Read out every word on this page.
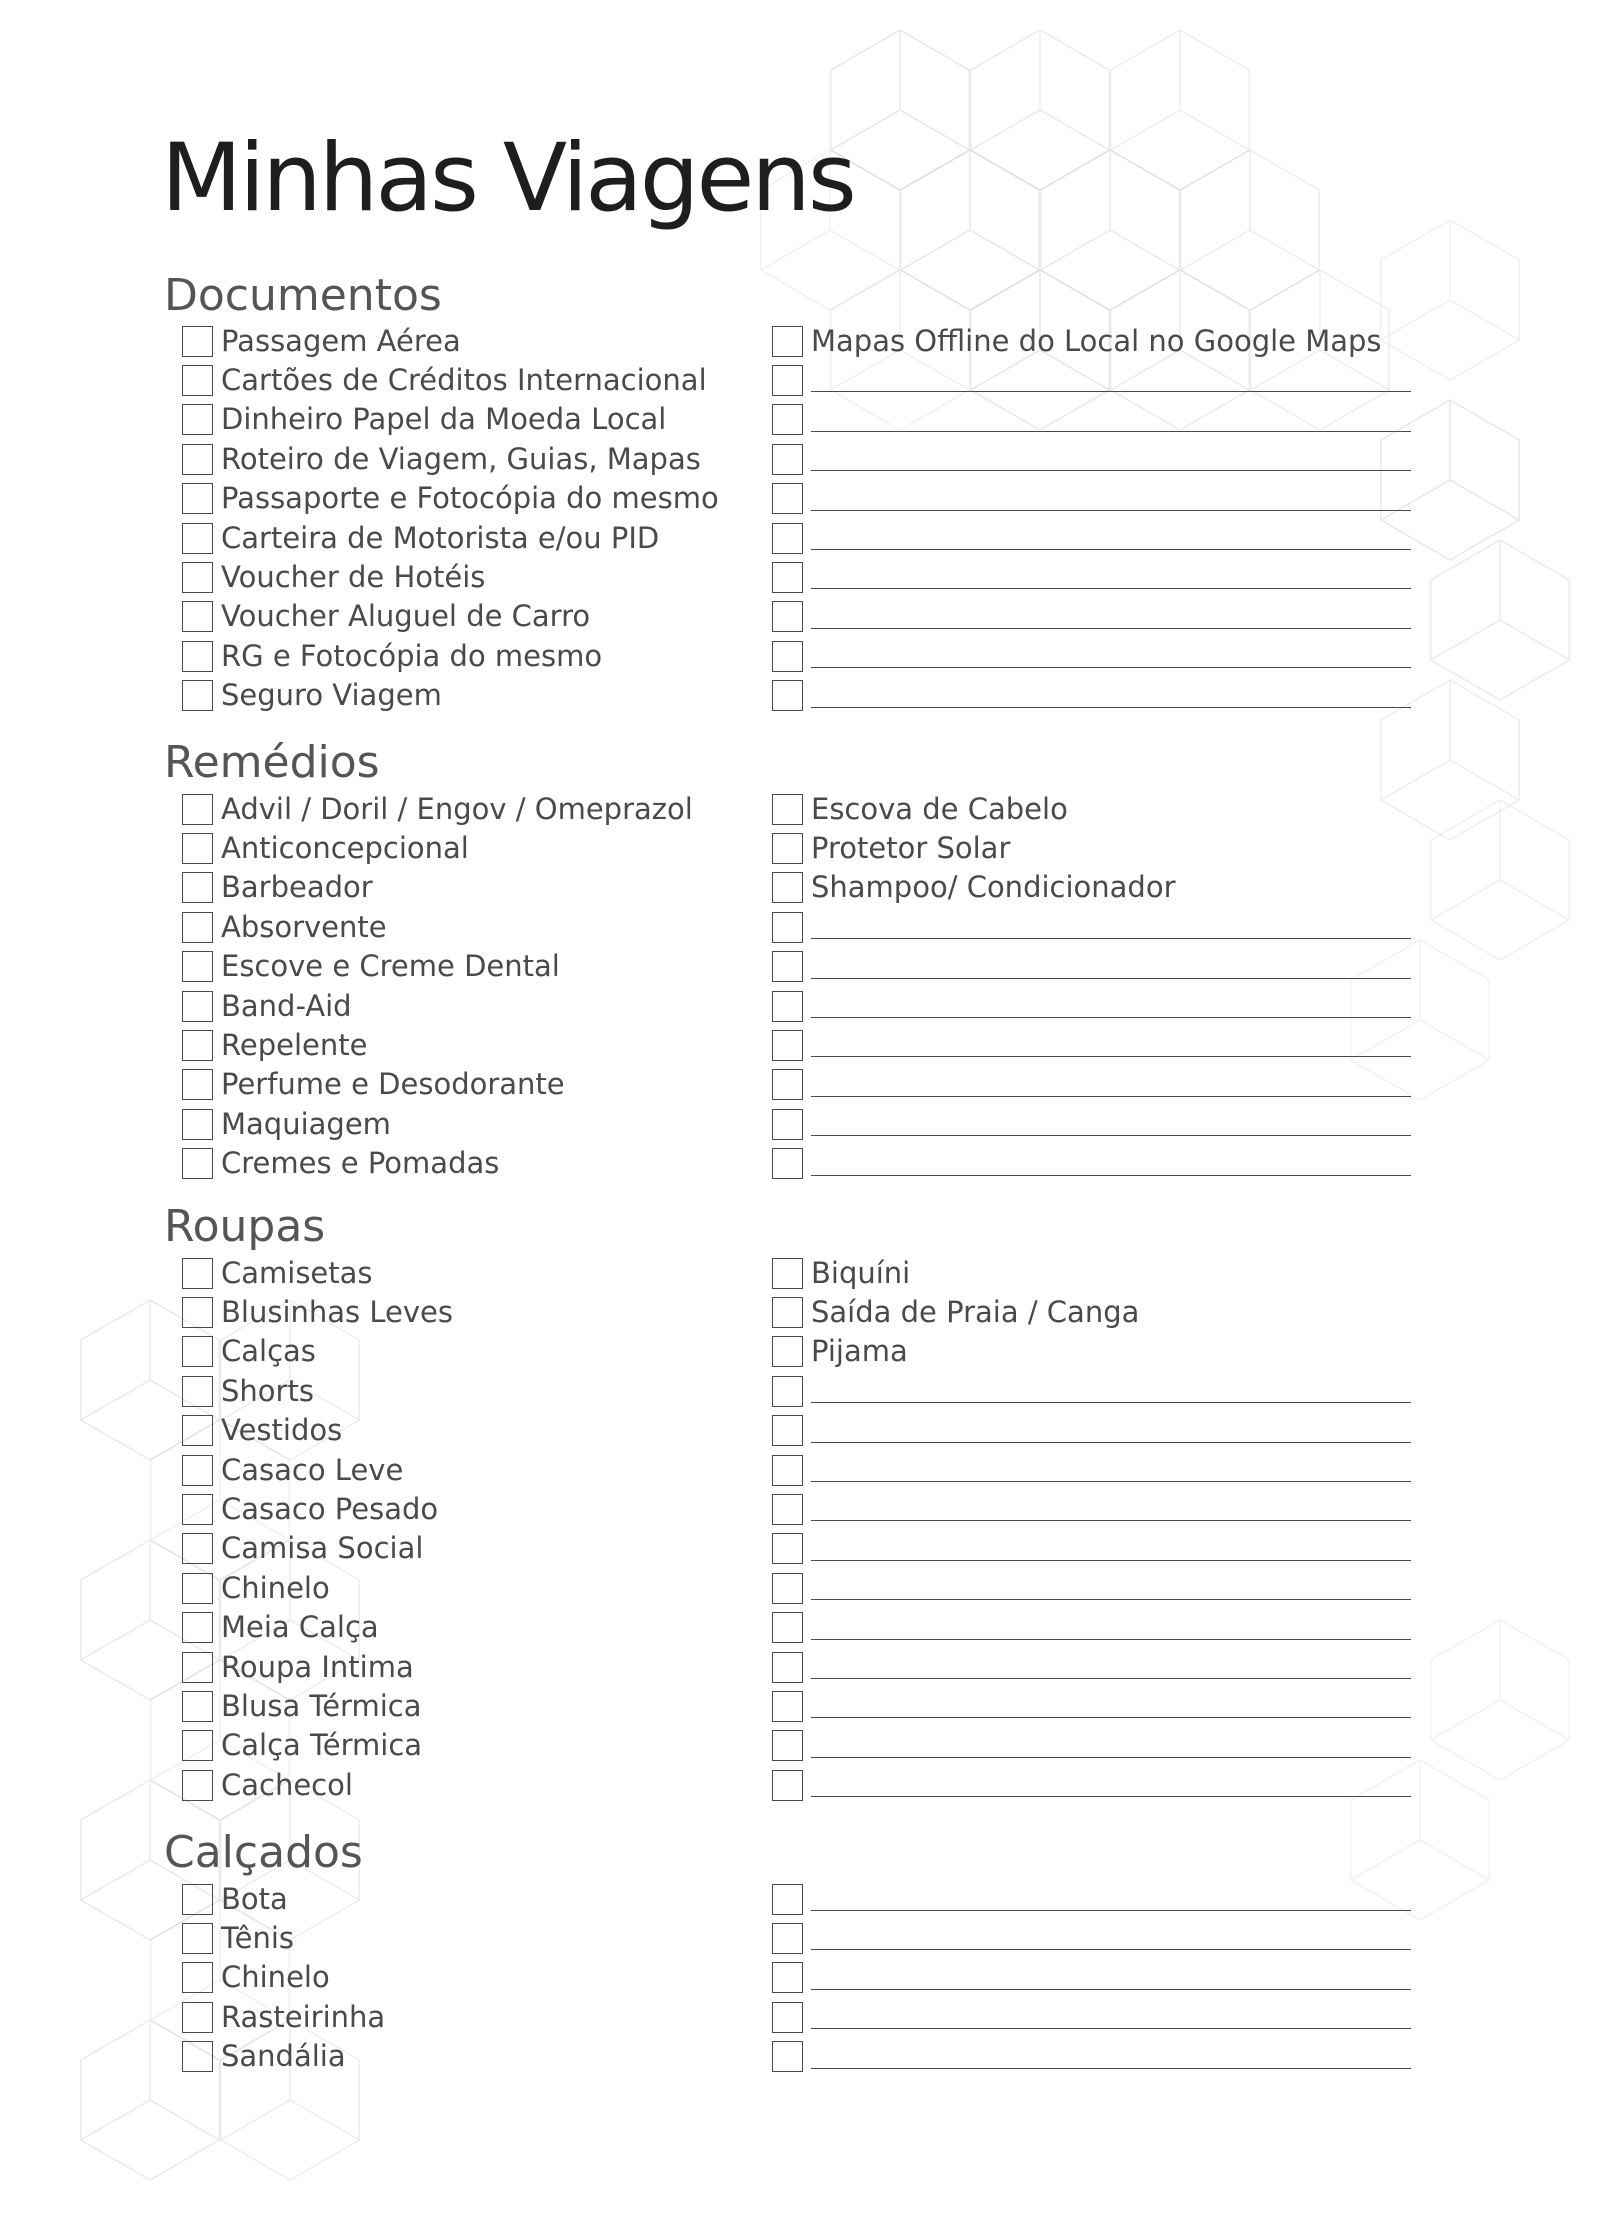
Minhas Viagens
Documentos
Passagem Aérea
Cartões de Créditos Internacional
Dinheiro Papel da Moeda Local
Roteiro de Viagem, Guias, Mapas
Passaporte e Fotocópia do mesmo
Carteira de Motorista e/ou PID
Voucher de Hotéis
Voucher Aluguel de Carro
RG e Fotocópia do mesmo
Seguro Viagem
Mapas Offline do Local no Google Maps
Remédios
Advil / Doril / Engov / Omeprazol
Anticoncepcional
Barbeador
Absorvente
Escove e Creme Dental
Band-Aid
Repelente
Perfume e Desodorante
Maquiagem
Cremes e Pomadas
Escova de Cabelo
Protetor Solar
Shampoo/ Condicionador
Roupas
Camisetas
Blusinhas Leves
Calças
Shorts
Vestidos
Casaco Leve
Casaco Pesado
Camisa Social
Chinelo
Meia Calça
Roupa Intima
Blusa Térmica
Calça Térmica
Cachecol
Biquíni
Saída de Praia / Canga
Pijama
Calçados
Bota
Tênis
Chinelo
Rasteirinha
Sandália
